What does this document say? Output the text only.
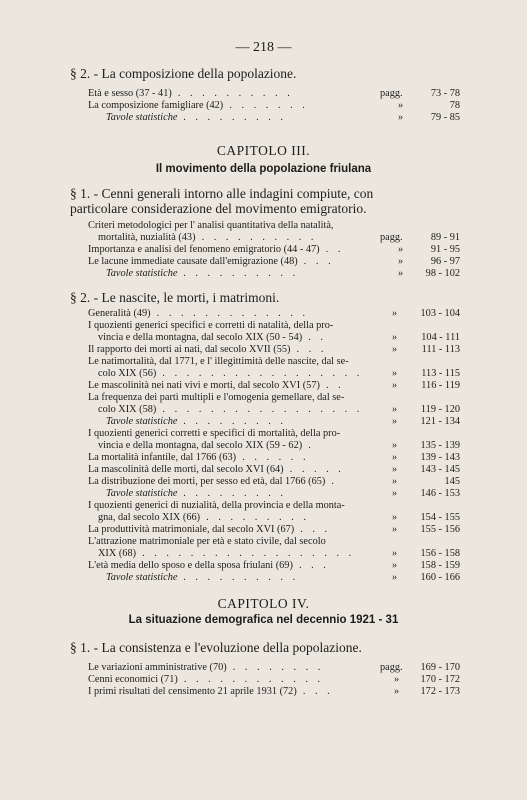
— 218 —
§ 2. - La composizione della popolazione.
Età e sesso (37 - 41) . . . . . . . . . .	pagg.	73 - 78
La composizione famigliare (42) . . . . . . .	»	78
Tavole statistiche . . . . . . . . .	»	79 - 85
CAPITOLO III.
Il movimento della popolazione friulana
§ 1. - Cenni generali intorno alle indagini compiute, con particolare considerazione del movimento emigratorio.
Criteri metodologici per l' analisi quantitativa della natalità,
mortalità, nuzialità (43) . . . . . . . . . .	pagg.	89 - 91
Importanza e analisi del fenomeno emigratorio (44 - 47) . .	»	91 - 95
Le lacune immediate causate dall'emigrazione (48) . . .	»	96 - 97
Tavole statistiche . . . . . . . . . .	» 98 - 102
§ 2. - Le nascite, le morti, i matrimoni.
Generalità (49) . . . . . . . . . . . . .	» 103 - 104
I quozienti generici specifici e corretti di natalità, della pro-
vincia e della montagna, dal secolo XIX (50 - 54) . .	» 104 - 111
Il rapporto dei morti ai nati, dal secolo XVII (55) . . .	» 111 - 113
Le natimortalità, dal 1771, e l' illegittimità delle nascite, dal se-
colo XIX (56) . . . . . . . . . . . . . . . . .	» 113 - 115
Le mascolinità nei nati vivi e morti, dal secolo XVI (57) . .	» 116 - 119
La frequenza dei parti multipli e l'omogenia gemellare, dal se-
colo XIX (58) . . . . . . . . . . . . . . . . .	» 119 - 120
Tavole statistiche . . . . . . . . .	» 121 - 134
I quozienti generici corretti e specifici di mortalità, della pro-
vincia e della montagna, dal secolo XIX (59 - 62) .	» 135 - 139
La mortalità infantile, dal 1766 (63) . . . . . .	» 139 - 143
La mascolinità delle morti, dal secolo XVI (64) . . . . .	» 143 - 145
La distribuzione dei morti, per sesso ed età, dal 1766 (65) .	»	145
Tavole statistiche . . . . . . . . .	» 146 - 153
I quozienti generici di nuzialità, della provincia e della monta-
gna, dal secolo XIX (66) . . . . . . . . .	» 154 - 155
La produttività matrimoniale, dal secolo XVI (67) . . .	» 155 - 156
L'attrazione matrimoniale per età e stato civile, dal secolo
XIX (68) . . . . . . . . . . . . . . . . . .	» 156 - 158
L'età media dello sposo e della sposa friulani (69) . . .	» 158 - 159
Tavole statistiche . . . . . . . . . .	» 160 - 166
CAPITOLO IV.
La situazione demografica nel decennio 1921 - 31
§ 1. - La consistenza e l'evoluzione della popolazione.
Le variazioni amministrative (70) . . . . . . . .	pagg. 169 - 170
Cenni economici (71) . . . . . . . . . . . .	» 170 - 172
I primi risultati del censimento 21 aprile 1931 (72) . . .	» 172 - 173
